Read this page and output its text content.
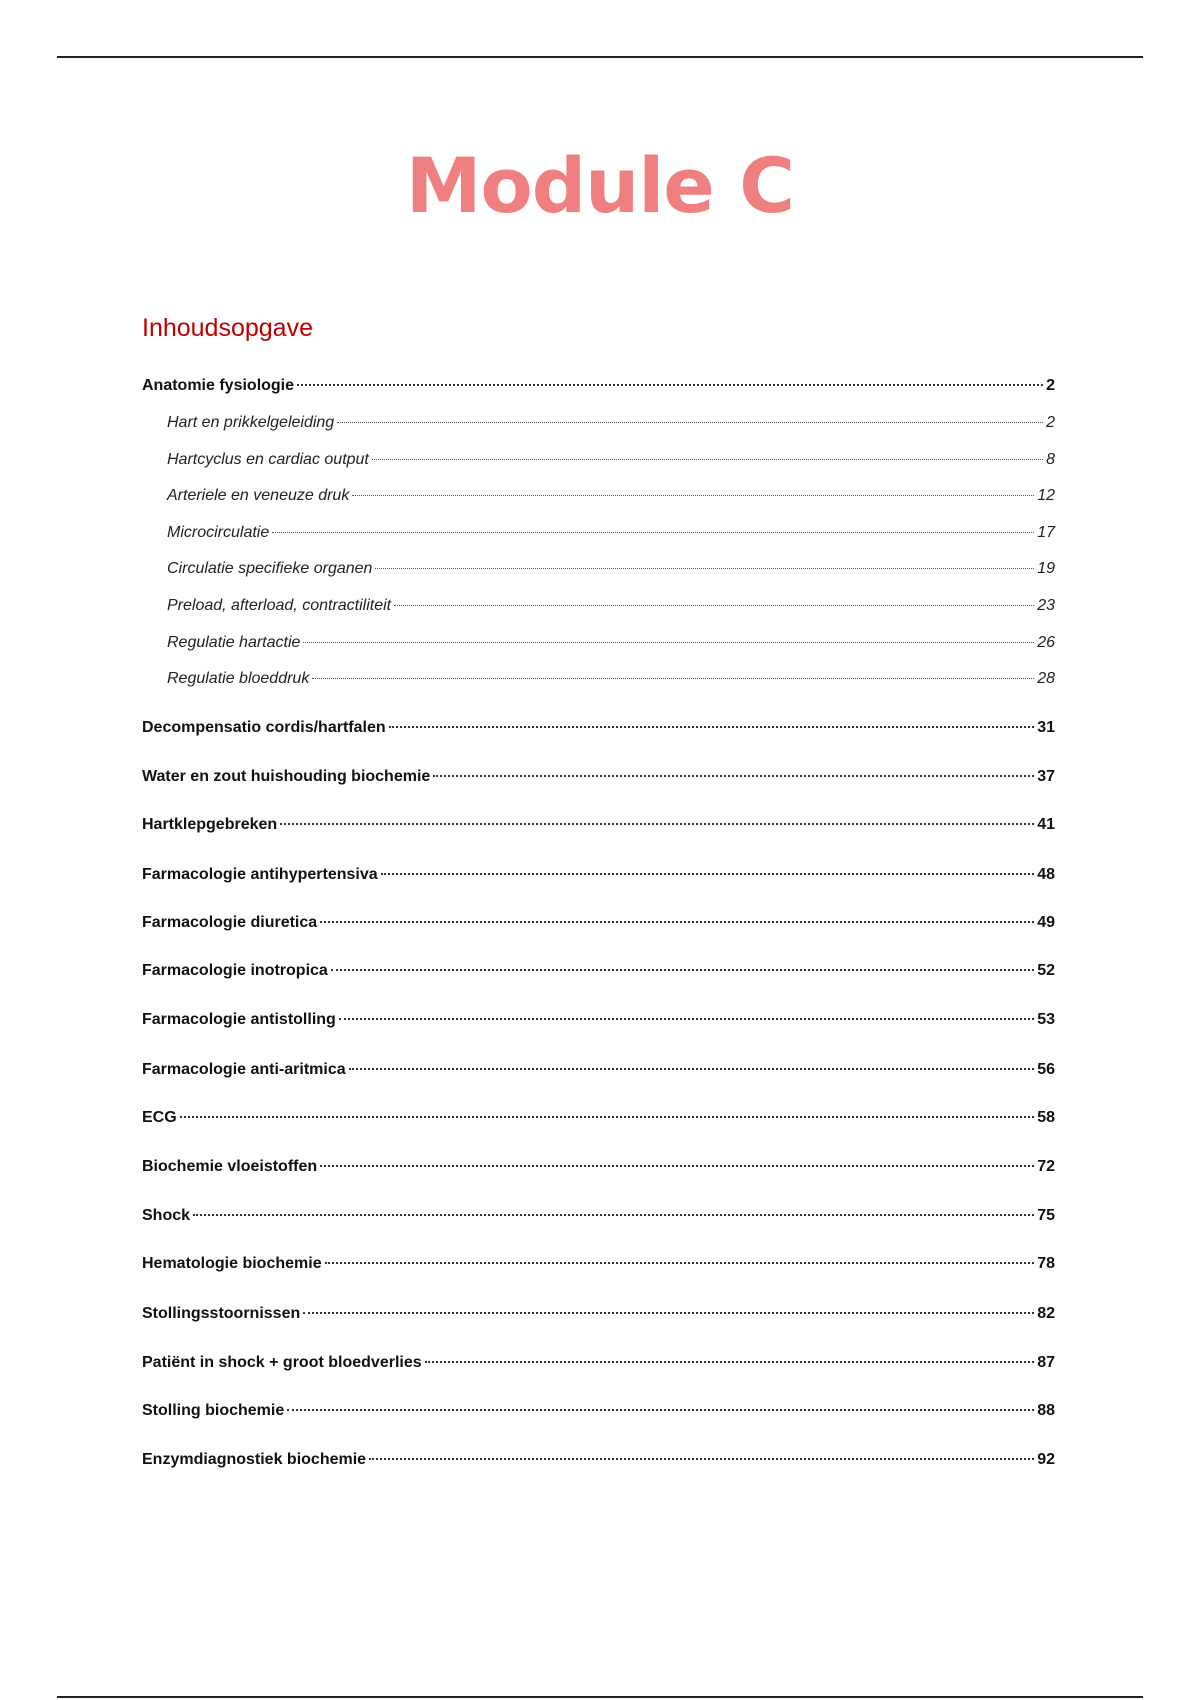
Module C
Inhoudsopgave
Anatomie fysiologie	2
Hart en prikkelgeleiding	2
Hartcyclus en cardiac output	8
Arteriele en veneuze druk	12
Microcirculatie	17
Circulatie specifieke organen	19
Preload, afterload, contractiliteit	23
Regulatie hartactie	26
Regulatie bloeddruk	28
Decompensatio cordis/hartfalen	31
Water en zout huishouding biochemie	37
Hartklepgebreken	41
Farmacologie antihypertensiva	48
Farmacologie diuretica	49
Farmacologie inotropica	52
Farmacologie antistolling	53
Farmacologie anti-aritmica	56
ECG	58
Biochemie vloeistoffen	72
Shock	75
Hematologie biochemie	78
Stollingsstoornissen	82
Patiënt in shock + groot bloedverlies	87
Stolling biochemie	88
Enzymdiagnostiek biochemie	92
